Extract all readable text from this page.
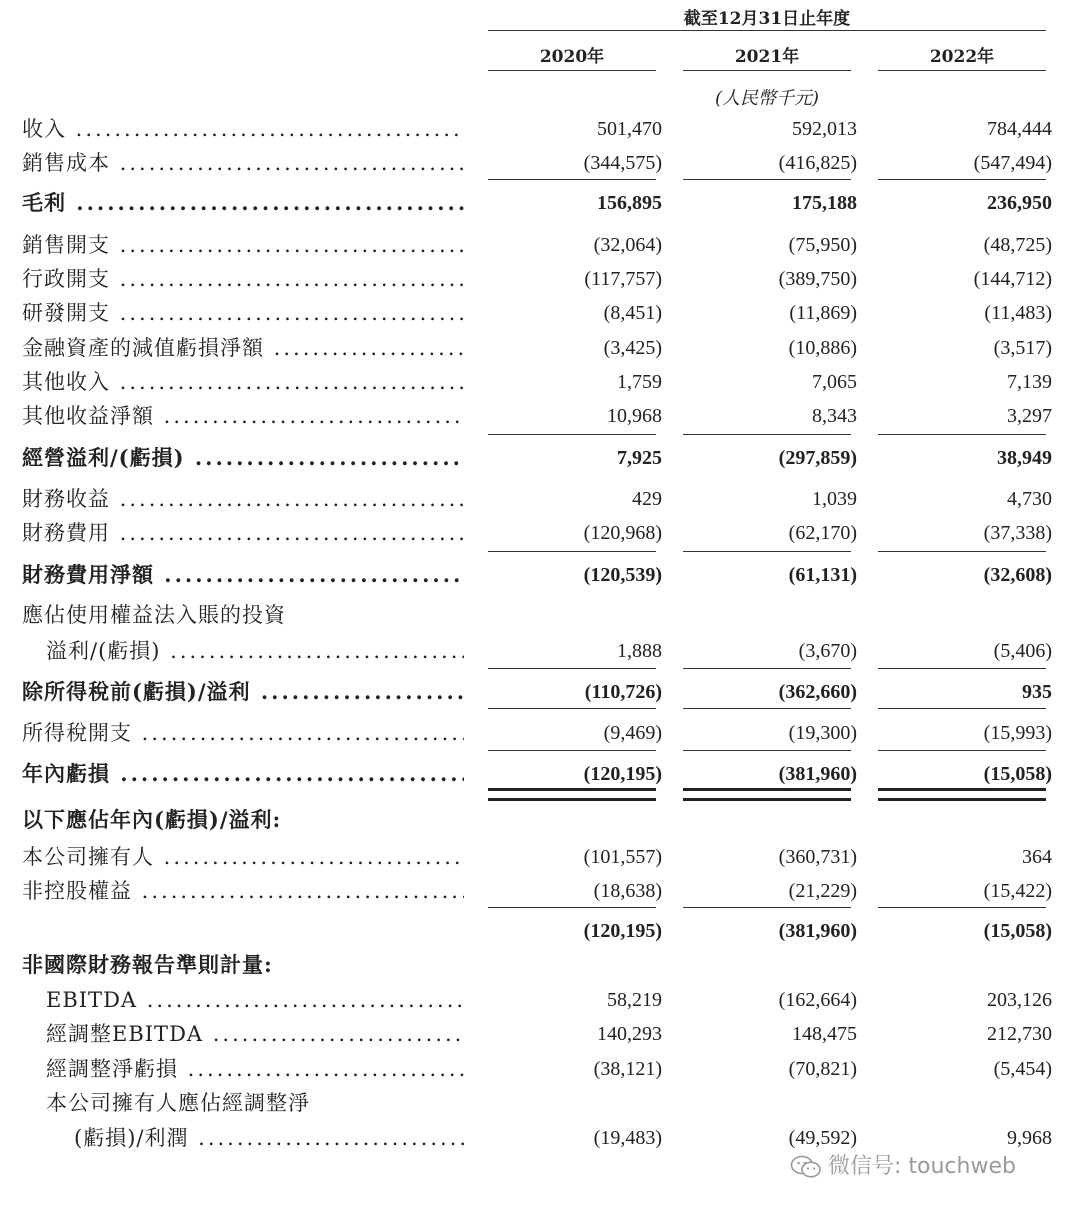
截至12月31日止年度
2020年	2021年	2022年
(人民幣千元)
收入 .....	501,470	592,013	784,444
銷售成本 .....	(344,575)	(416,825)	(547,494)
毛利 .....	156,895	175,188	236,950
銷售開支 .....	(32,064)	(75,950)	(48,725)
行政開支 .....	(117,757)	(389,750)	(144,712)
研發開支 .....	(8,451)	(11,869)	(11,483)
金融資產的減值虧損淨額 .....	(3,425)	(10,886)	(3,517)
其他收入 .....	1,759	7,065	7,139
其他收益淨額 .....	10,968	8,343	3,297
經營溢利/(虧損) .....	7,925	(297,859)	38,949
財務收益 .....	429	1,039	4,730
財務費用 .....	(120,968)	(62,170)	(37,338)
財務費用淨額 .....	(120,539)	(61,131)	(32,608)
應佔使用權益法入賬的投資
溢利/(虧損) .....	1,888	(3,670)	(5,406)
除所得稅前(虧損)/溢利 .....	(110,726)	(362,660)	935
所得稅開支 .....	(9,469)	(19,300)	(15,993)
年內虧損 .....	(120,195)	(381,960)	(15,058)
以下應佔年內(虧損)/溢利:
本公司擁有人 .....	(101,557)	(360,731)	364
非控股權益 .....	(18,638)	(21,229)	(15,422)
(120,195)	(381,960)	(15,058)
非國際財務報告準則計量:
EBITDA .....	58,219	(162,664)	203,126
經調整EBITDA .....	140,293	148,475	212,730
經調整淨虧損 .....	(38,121)	(70,821)	(5,454)
本公司擁有人應佔經調整淨
(虧損)/利潤 .....	(19,483)	(49,592)	9,968
微信号: touchweb
